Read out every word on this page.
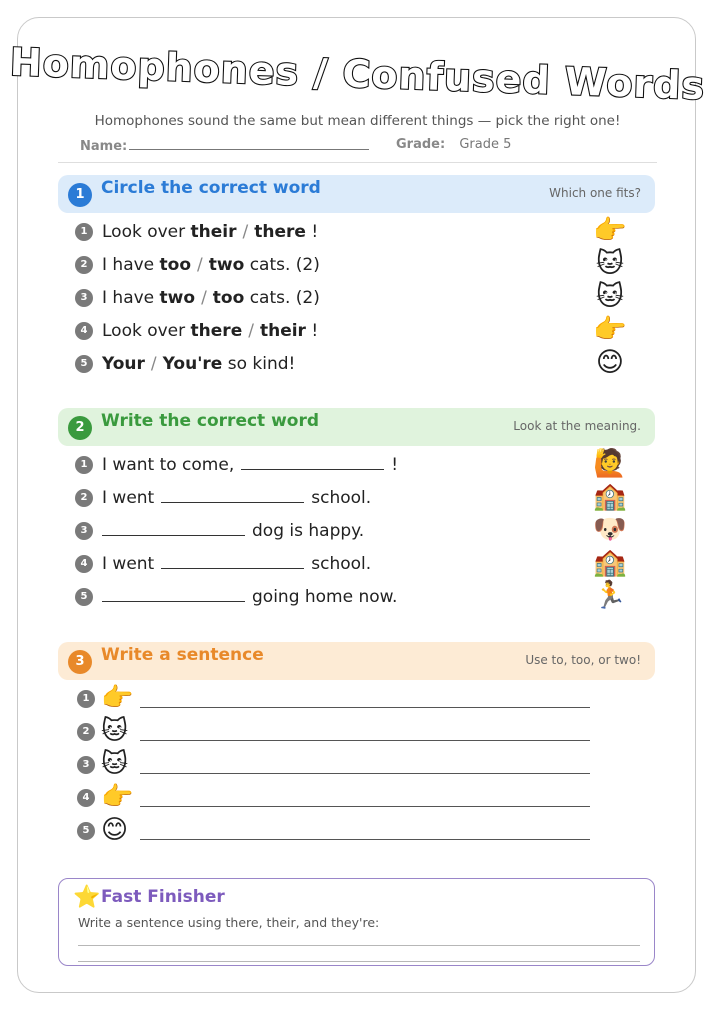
Homophones / Confused Words
Homophones sound the same but mean different things — pick the right one!
Name:	Grade: Grade 5
1 Circle the correct word	Which one fits?
1 Look over their / there !	👉
2 I have too / two cats. (2)	🐱
3 I have two / too cats. (2)	🐱
4 Look over there / their !	👉
5 Your / You're so kind!	😊
2 Write the correct word	Look at the meaning.
1 I want to come,	!	🙋
2 I went	school.	🏫
3	dog is happy.	🐶
4 I went	school.	🏫
5	going home now.	🏃
3 Write a sentence	Use to, too, or two!
1 👉
2 🐱
3 🐱
4 👉
5 😊
⭐ Fast Finisher
Write a sentence using there, their, and they're:
